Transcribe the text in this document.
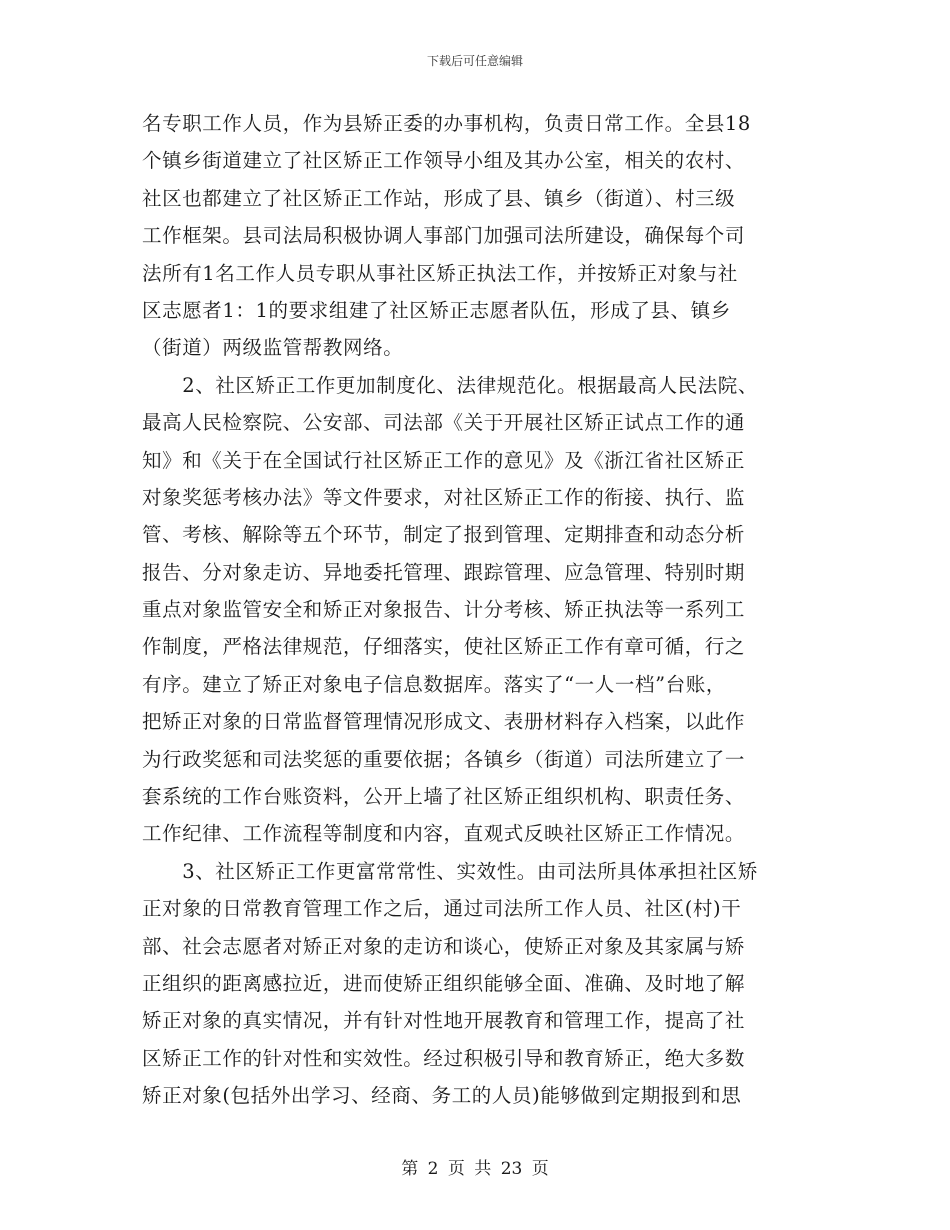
下载后可任意编辑
名专职工作人员，作为县矫正委的办事机构，负责日常工作。全县18
个镇乡街道建立了社区矫正工作领导小组及其办公室，相关的农村、
社区也都建立了社区矫正工作站，形成了县、镇乡（街道）、村三级
工作框架。县司法局积极协调人事部门加强司法所建设，确保每个司
法所有1名工作人员专职从事社区矫正执法工作，并按矫正对象与社
区志愿者1：1的要求组建了社区矫正志愿者队伍，形成了县、镇乡
（街道）两级监管帮教网络。
　　2、社区矫正工作更加制度化、法律规范化。根据最高人民法院、
最高人民检察院、公安部、司法部《关于开展社区矫正试点工作的通
知》和《关于在全国试行社区矫正工作的意见》及《浙江省社区矫正
对象奖惩考核办法》等文件要求，对社区矫正工作的衔接、执行、监
管、考核、解除等五个环节，制定了报到管理、定期排查和动态分析
报告、分对象走访、异地委托管理、跟踪管理、应急管理、特别时期
重点对象监管安全和矫正对象报告、计分考核、矫正执法等一系列工
作制度，严格法律规范，仔细落实，使社区矫正工作有章可循，行之
有序。建立了矫正对象电子信息数据库。落实了“一人一档”台账，
把矫正对象的日常监督管理情况形成文、表册材料存入档案，以此作
为行政奖惩和司法奖惩的重要依据；各镇乡（街道）司法所建立了一
套系统的工作台账资料，公开上墙了社区矫正组织机构、职责任务、
工作纪律、工作流程等制度和内容，直观式反映社区矫正工作情况。
　　3、社区矫正工作更富常常性、实效性。由司法所具体承担社区矫
正对象的日常教育管理工作之后，通过司法所工作人员、社区(村)干
部、社会志愿者对矫正对象的走访和谈心，使矫正对象及其家属与矫
正组织的距离感拉近，进而使矫正组织能够全面、准确、及时地了解
矫正对象的真实情况，并有针对性地开展教育和管理工作，提高了社
区矫正工作的针对性和实效性。经过积极引导和教育矫正，绝大多数
矫正对象(包括外出学习、经商、务工的人员)能够做到定期报到和思
第 2 页 共 23 页
